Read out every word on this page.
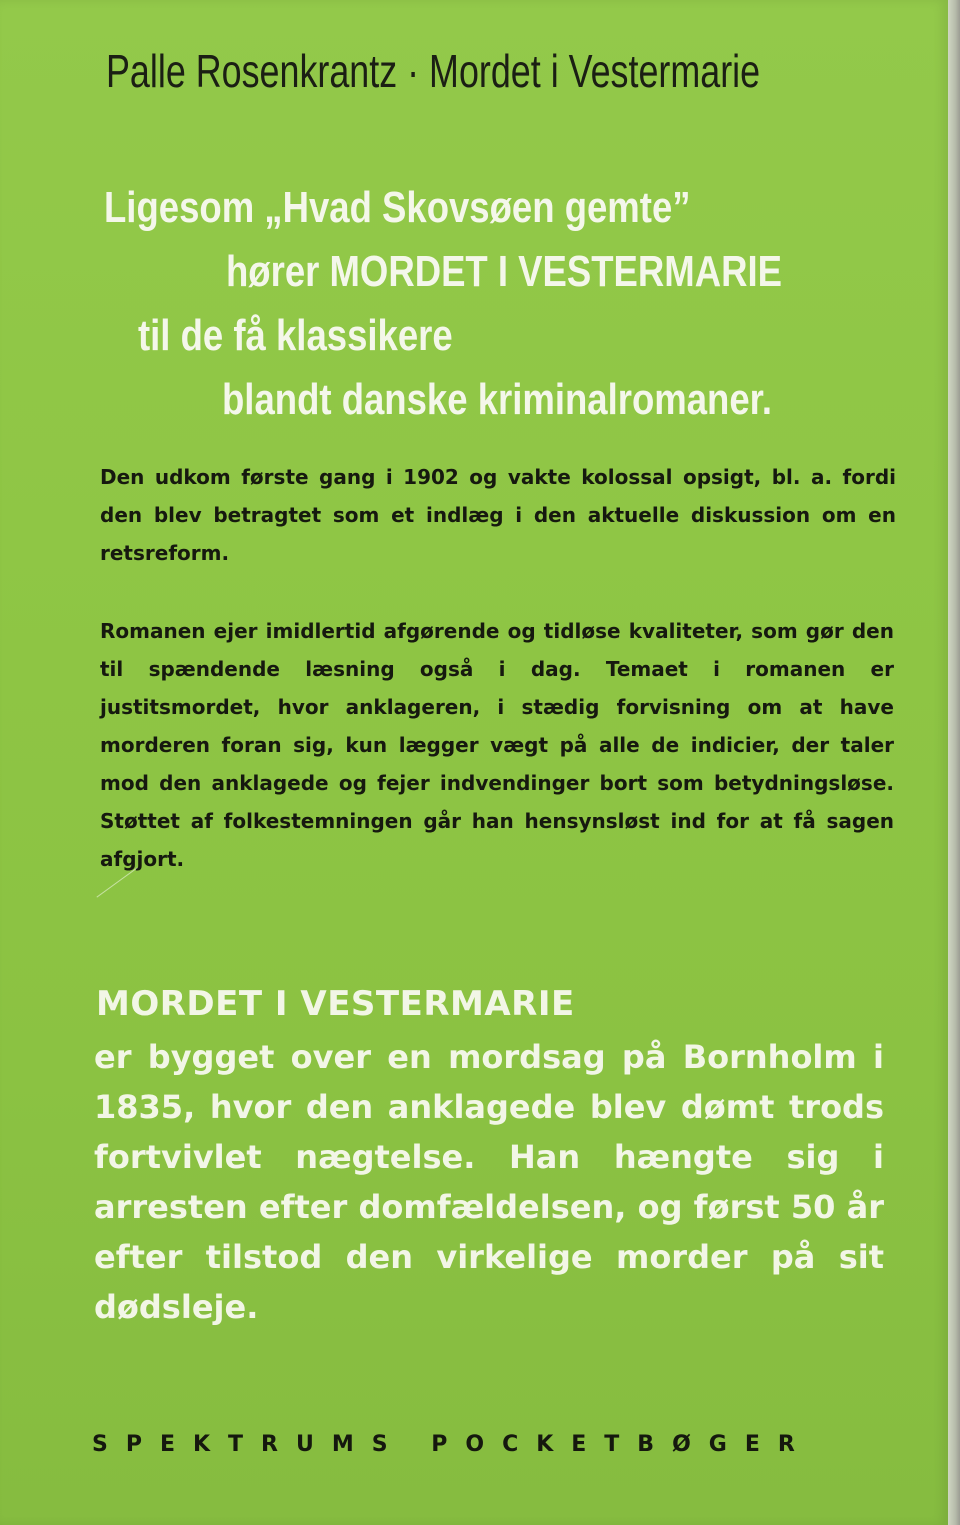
Palle Rosenkrantz · Mordet i Vestermarie

Ligesom „Hvad Skovsøen gemte”

hører MORDET I VESTERMARIE

til de få klassikere

blandt danske kriminalromaner.

Den udkom første gang i 1902 og vakte kolossal opsigt, bl. a. fordi den blev betragtet som et indlæg i den aktuelle diskussion om en retsreform.

Romanen ejer imidlertid afgørende og tidløse kvaliteter, som gør den til spændende læsning også i dag. Temaet i romanen er justitsmordet, hvor anklageren, i stædig forvisning om at have morderen foran sig, kun lægger vægt på alle de indicier, der taler mod den anklagede og fejer indvendinger bort som betydningsløse. Støttet af folkestemningen går han hensynsløst ind for at få sagen afgjort.

MORDET I VESTERMARIE

er bygget over en mordsag på Bornholm i 1835, hvor den anklagede blev dømt trods fortvivlet nægtelse. Han hængte sig i arresten efter domfældelsen, og først 50 år efter tilstod den virkelige morder på sit dødsleje.

SPEKTRUMS POCKETBØGER
